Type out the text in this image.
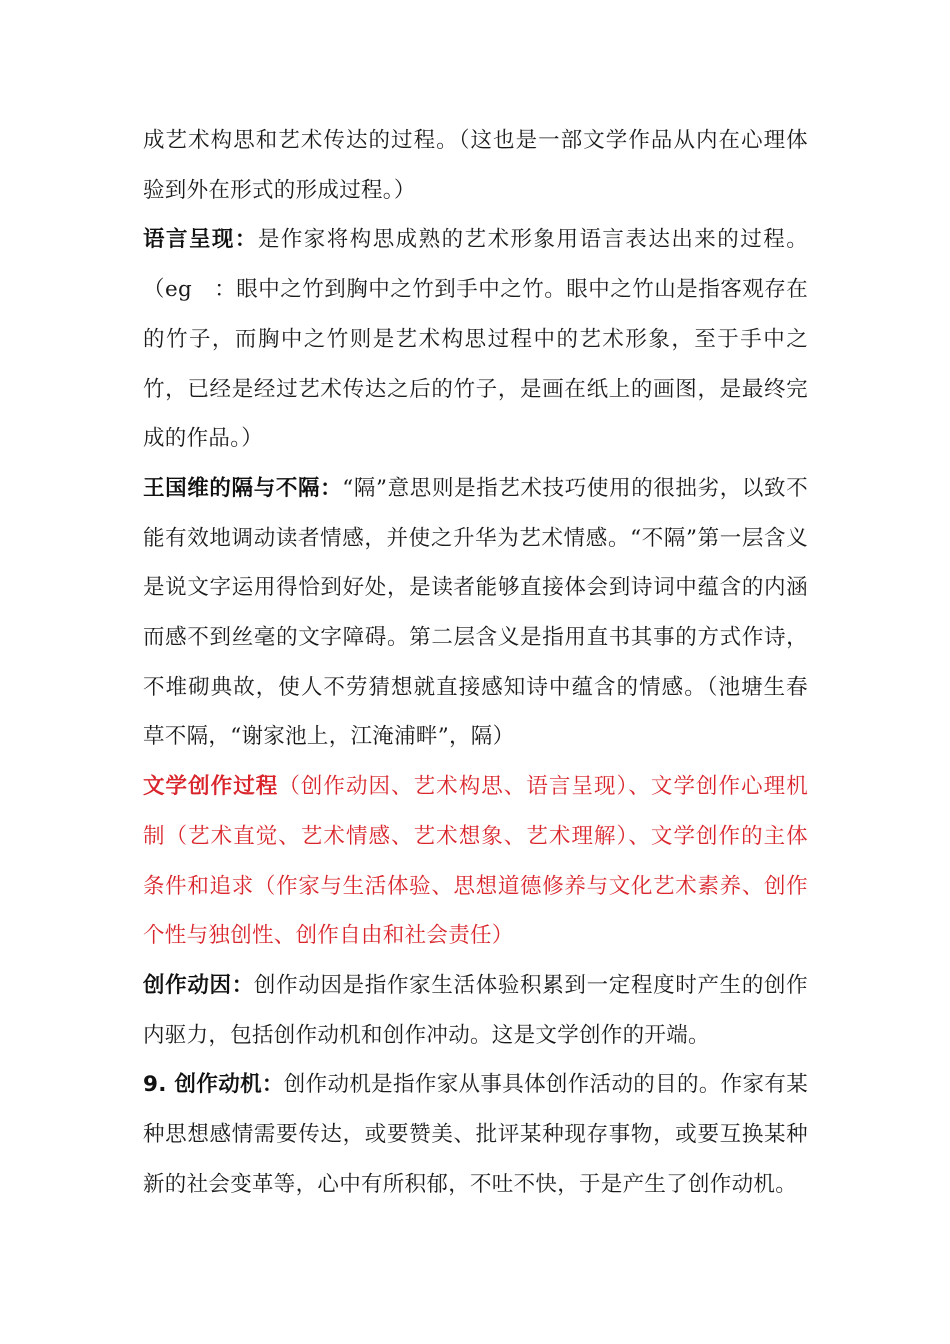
成艺术构思和艺术传达的过程。（这也是一部文学作品从内在心理体验到外在形式的形成过程。）

语言呈现：是作家将构思成熟的艺术形象用语言表达出来的过程。（eg　：眼中之竹到胸中之竹到手中之竹。眼中之竹山是指客观存在的竹子，而胸中之竹则是艺术构思过程中的艺术形象，至于手中之竹，已经是经过艺术传达之后的竹子，是画在纸上的画图，是最终完成的作品。）

王国维的隔与不隔：“隔”意思则是指艺术技巧使用的很拙劣，以致不能有效地调动读者情感，并使之升华为艺术情感。“不隔”第一层含义是说文字运用得恰到好处，是读者能够直接体会到诗词中蕴含的内涵而感不到丝毫的文字障碍。第二层含义是指用直书其事的方式作诗，不堆砌典故，使人不劳猜想就直接感知诗中蕴含的情感。（池塘生春草不隔，“谢家池上，江淹浦畔”，隔）

文学创作过程（创作动因、艺术构思、语言呈现）、文学创作心理机制（艺术直觉、艺术情感、艺术想象、艺术理解）、文学创作的主体条件和追求（作家与生活体验、思想道德修养与文化艺术素养、创作个性与独创性、创作自由和社会责任）

创作动因：创作动因是指作家生活体验积累到一定程度时产生的创作内驱力，包括创作动机和创作冲动。这是文学创作的开端。

9. 创作动机：创作动机是指作家从事具体创作活动的目的。作家有某种思想感情需要传达，或要赞美、批评某种现存事物，或要互换某种新的社会变革等，心中有所积郁，不吐不快，于是产生了创作动机。
